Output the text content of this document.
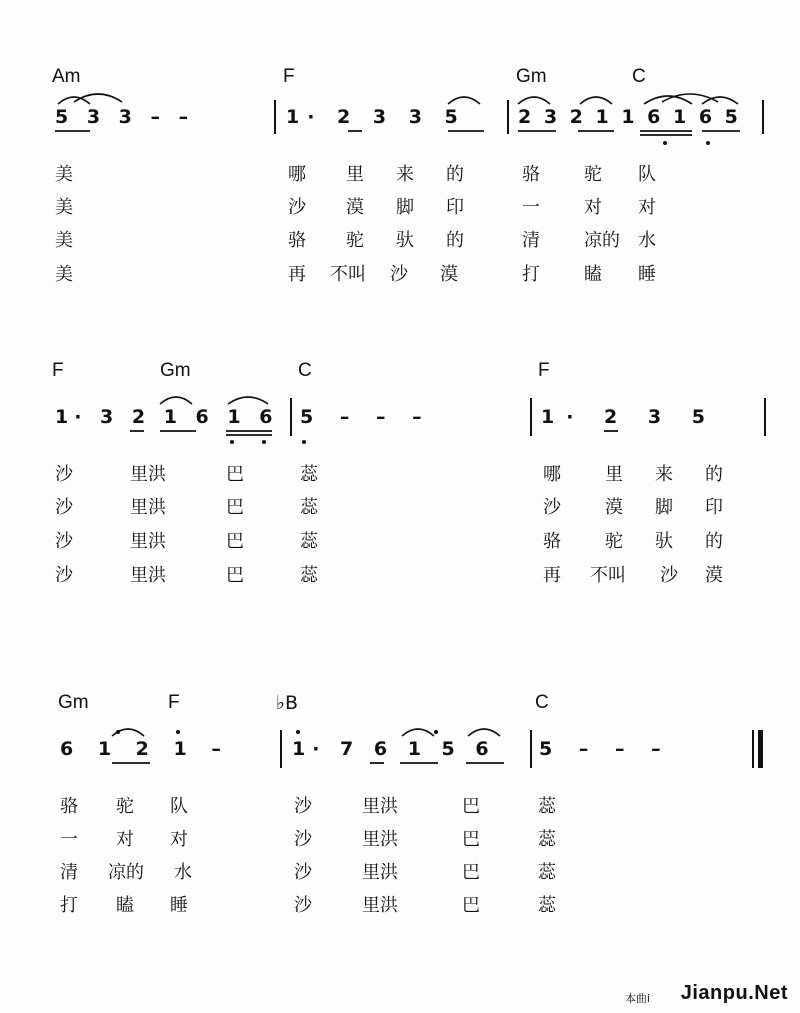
Am	F	Gm	C
5 3 3 – –	1· 2 3 3 5	2 3 2 1 1 6 1 6 5
美	哪 里 来 的	骆 驼 队
美	沙 漠 脚 印	一 对 对
美	骆 驼 驮 的	清 凉的 水
美	再 不叫 沙 漠	打 瞌 睡
F	Gm	C	F
1· 3 2 1 6 1 6 5 – – –	1· 2 3 5
沙	里洪	巴	蕊	哪 里 来 的
沙	里洪	巴	蕊	沙 漠 脚 印
沙	里洪	巴	蕊	骆 驼 驮 的
沙	里洪	巴	蕊	再 不叫 沙 漠
Gm	F	♭B	C
6 1 2 1 –	1· 7 6 1 5 6 5 – – –
骆 驼 队	沙	里洪	巴	蕊
一 对 对	沙	里洪	巴	蕊
清 凉的 水	沙	里洪	巴	蕊
打 瞌 睡	沙	里洪	巴	蕊
本曲i Jianpu.Net
